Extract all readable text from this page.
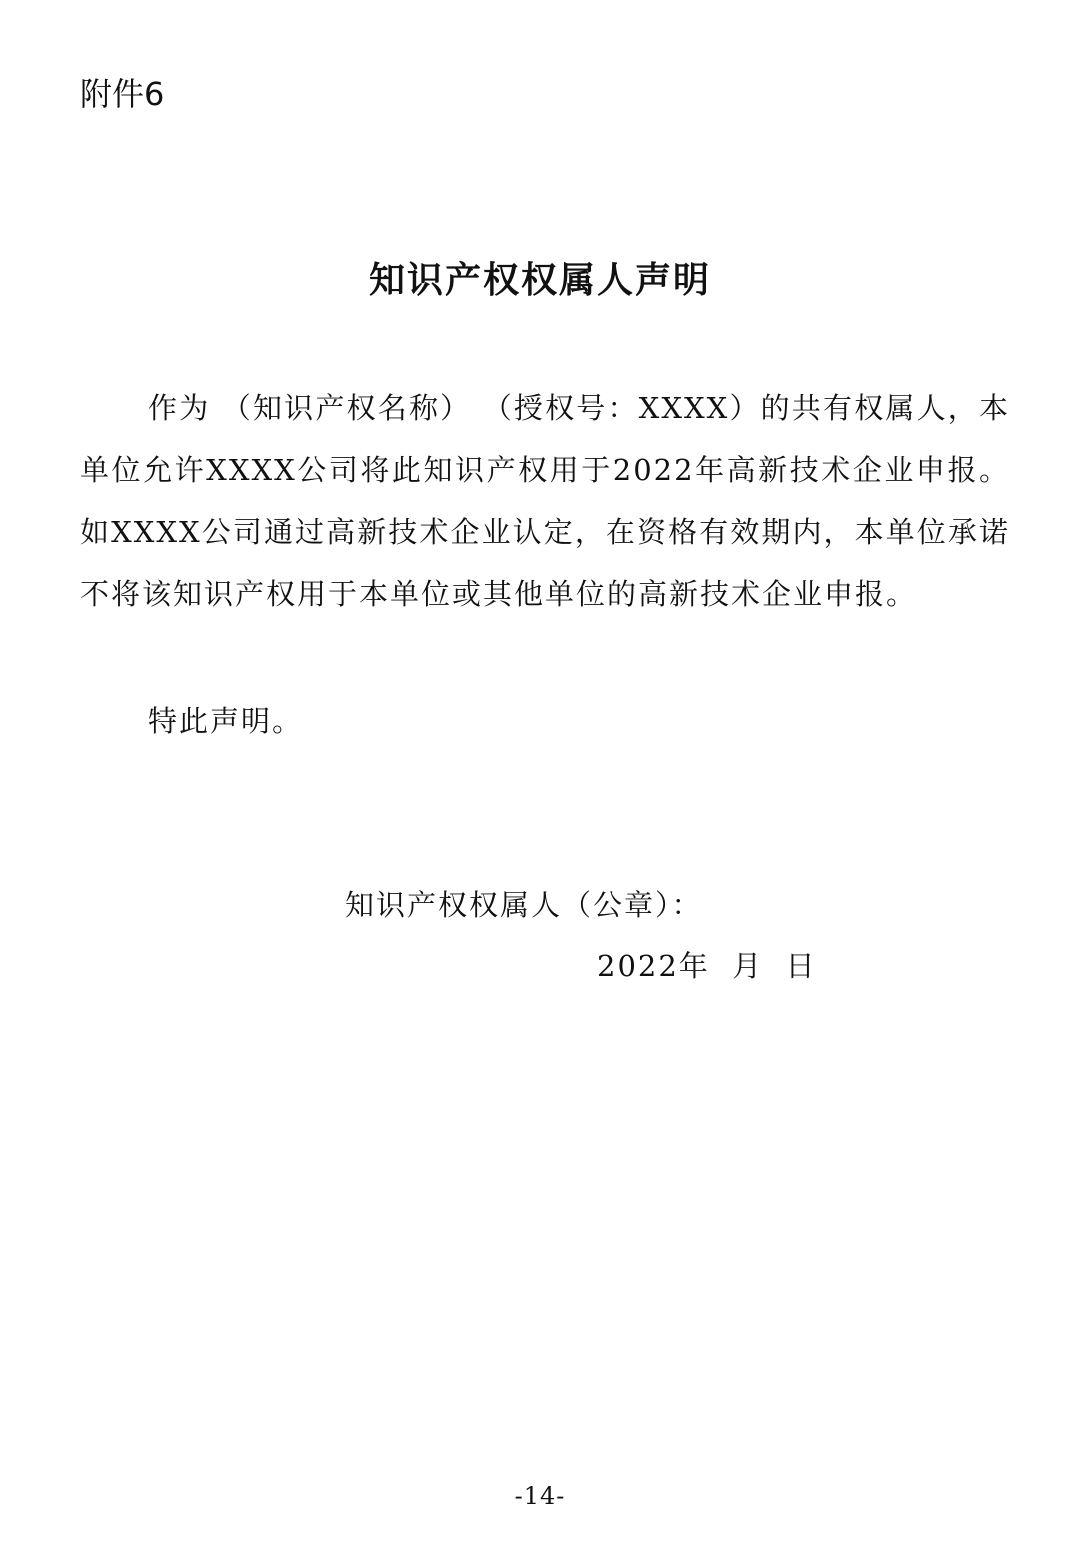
附件6
知识产权权属人声明

作为 （知识产权名称） （授权号：XXXX）的共有权属人，本单位允许XXXX公司将此知识产权用于2022年高新技术企业申报。如XXXX公司通过高新技术企业认定，在资格有效期内，本单位承诺不将该知识产权用于本单位或其他单位的高新技术企业申报。

特此声明。
知识产权权属人（公章）：
2022年  月  日
-14-
